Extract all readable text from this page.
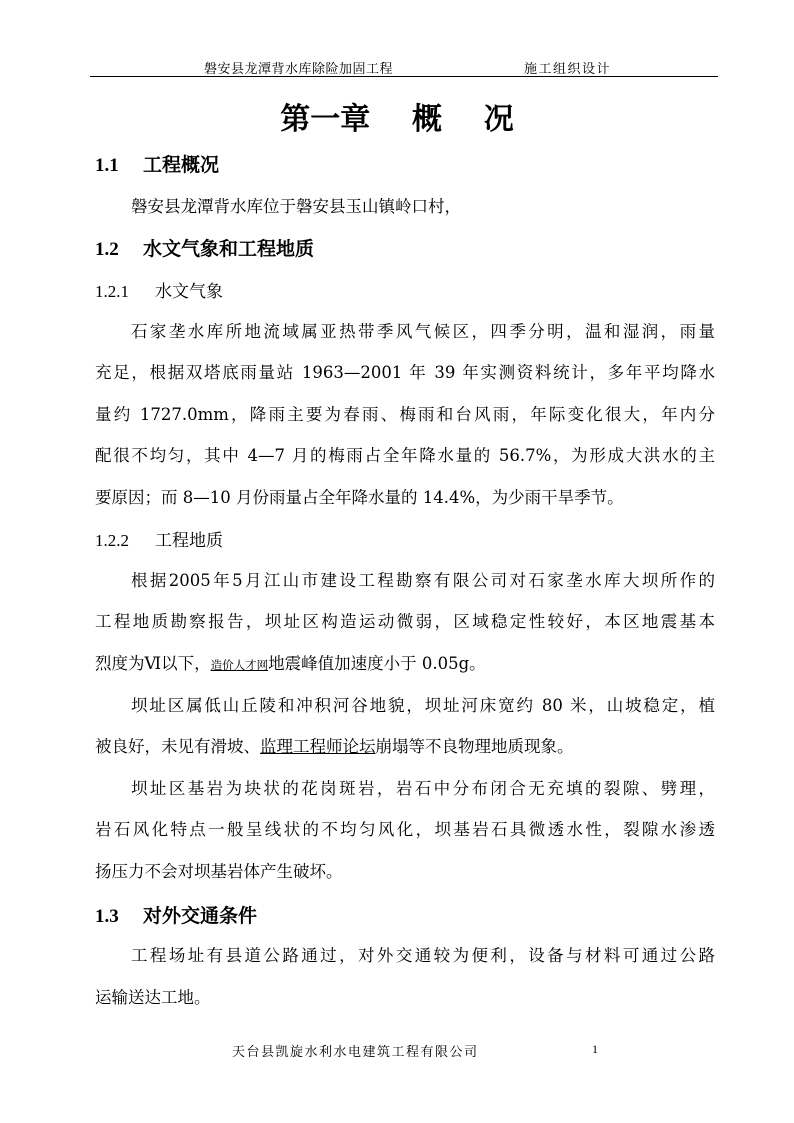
磐安县龙潭背水库除险加固工程	施工组织设计
第一章    概    况
1.1 工程概况
磐安县龙潭背水库位于磐安县玉山镇岭口村，
1.2 水文气象和工程地质
1.2.1 水文气象
石家垄水库所地流域属亚热带季风气候区，四季分明，温和湿润，雨量
充足，根据双塔底雨量站 1963—2001 年 39 年实测资料统计，多年平均降水
量约 1727.0mm，降雨主要为春雨、梅雨和台风雨，年际变化很大，年内分
配很不均匀，其中 4—7 月的梅雨占全年降水量的 56.7%，为形成大洪水的主
要原因；而 8—10 月份雨量占全年降水量的 14.4%，为少雨干旱季节。
1.2.2 工程地质
根据2005年5月江山市建设工程勘察有限公司对石家垄水库大坝所作的
工程地质勘察报告，坝址区构造运动微弱，区域稳定性较好，本区地震基本
烈度为Ⅵ以下，造价人才网地震峰值加速度小于 0.05g。
坝址区属低山丘陵和冲积河谷地貌，坝址河床宽约 80 米，山坡稳定，植
被良好，未见有滑坡、监理工程师论坛崩塌等不良物理地质现象。
坝址区基岩为块状的花岗斑岩，岩石中分布闭合无充填的裂隙、劈理，
岩石风化特点一般呈线状的不均匀风化，坝基岩石具微透水性，裂隙水渗透
扬压力不会对坝基岩体产生破坏。
1.3 对外交通条件
工程场址有县道公路通过，对外交通较为便利，设备与材料可通过公路
运输送达工地。
天台县凯旋水利水电建筑工程有限公司	1
